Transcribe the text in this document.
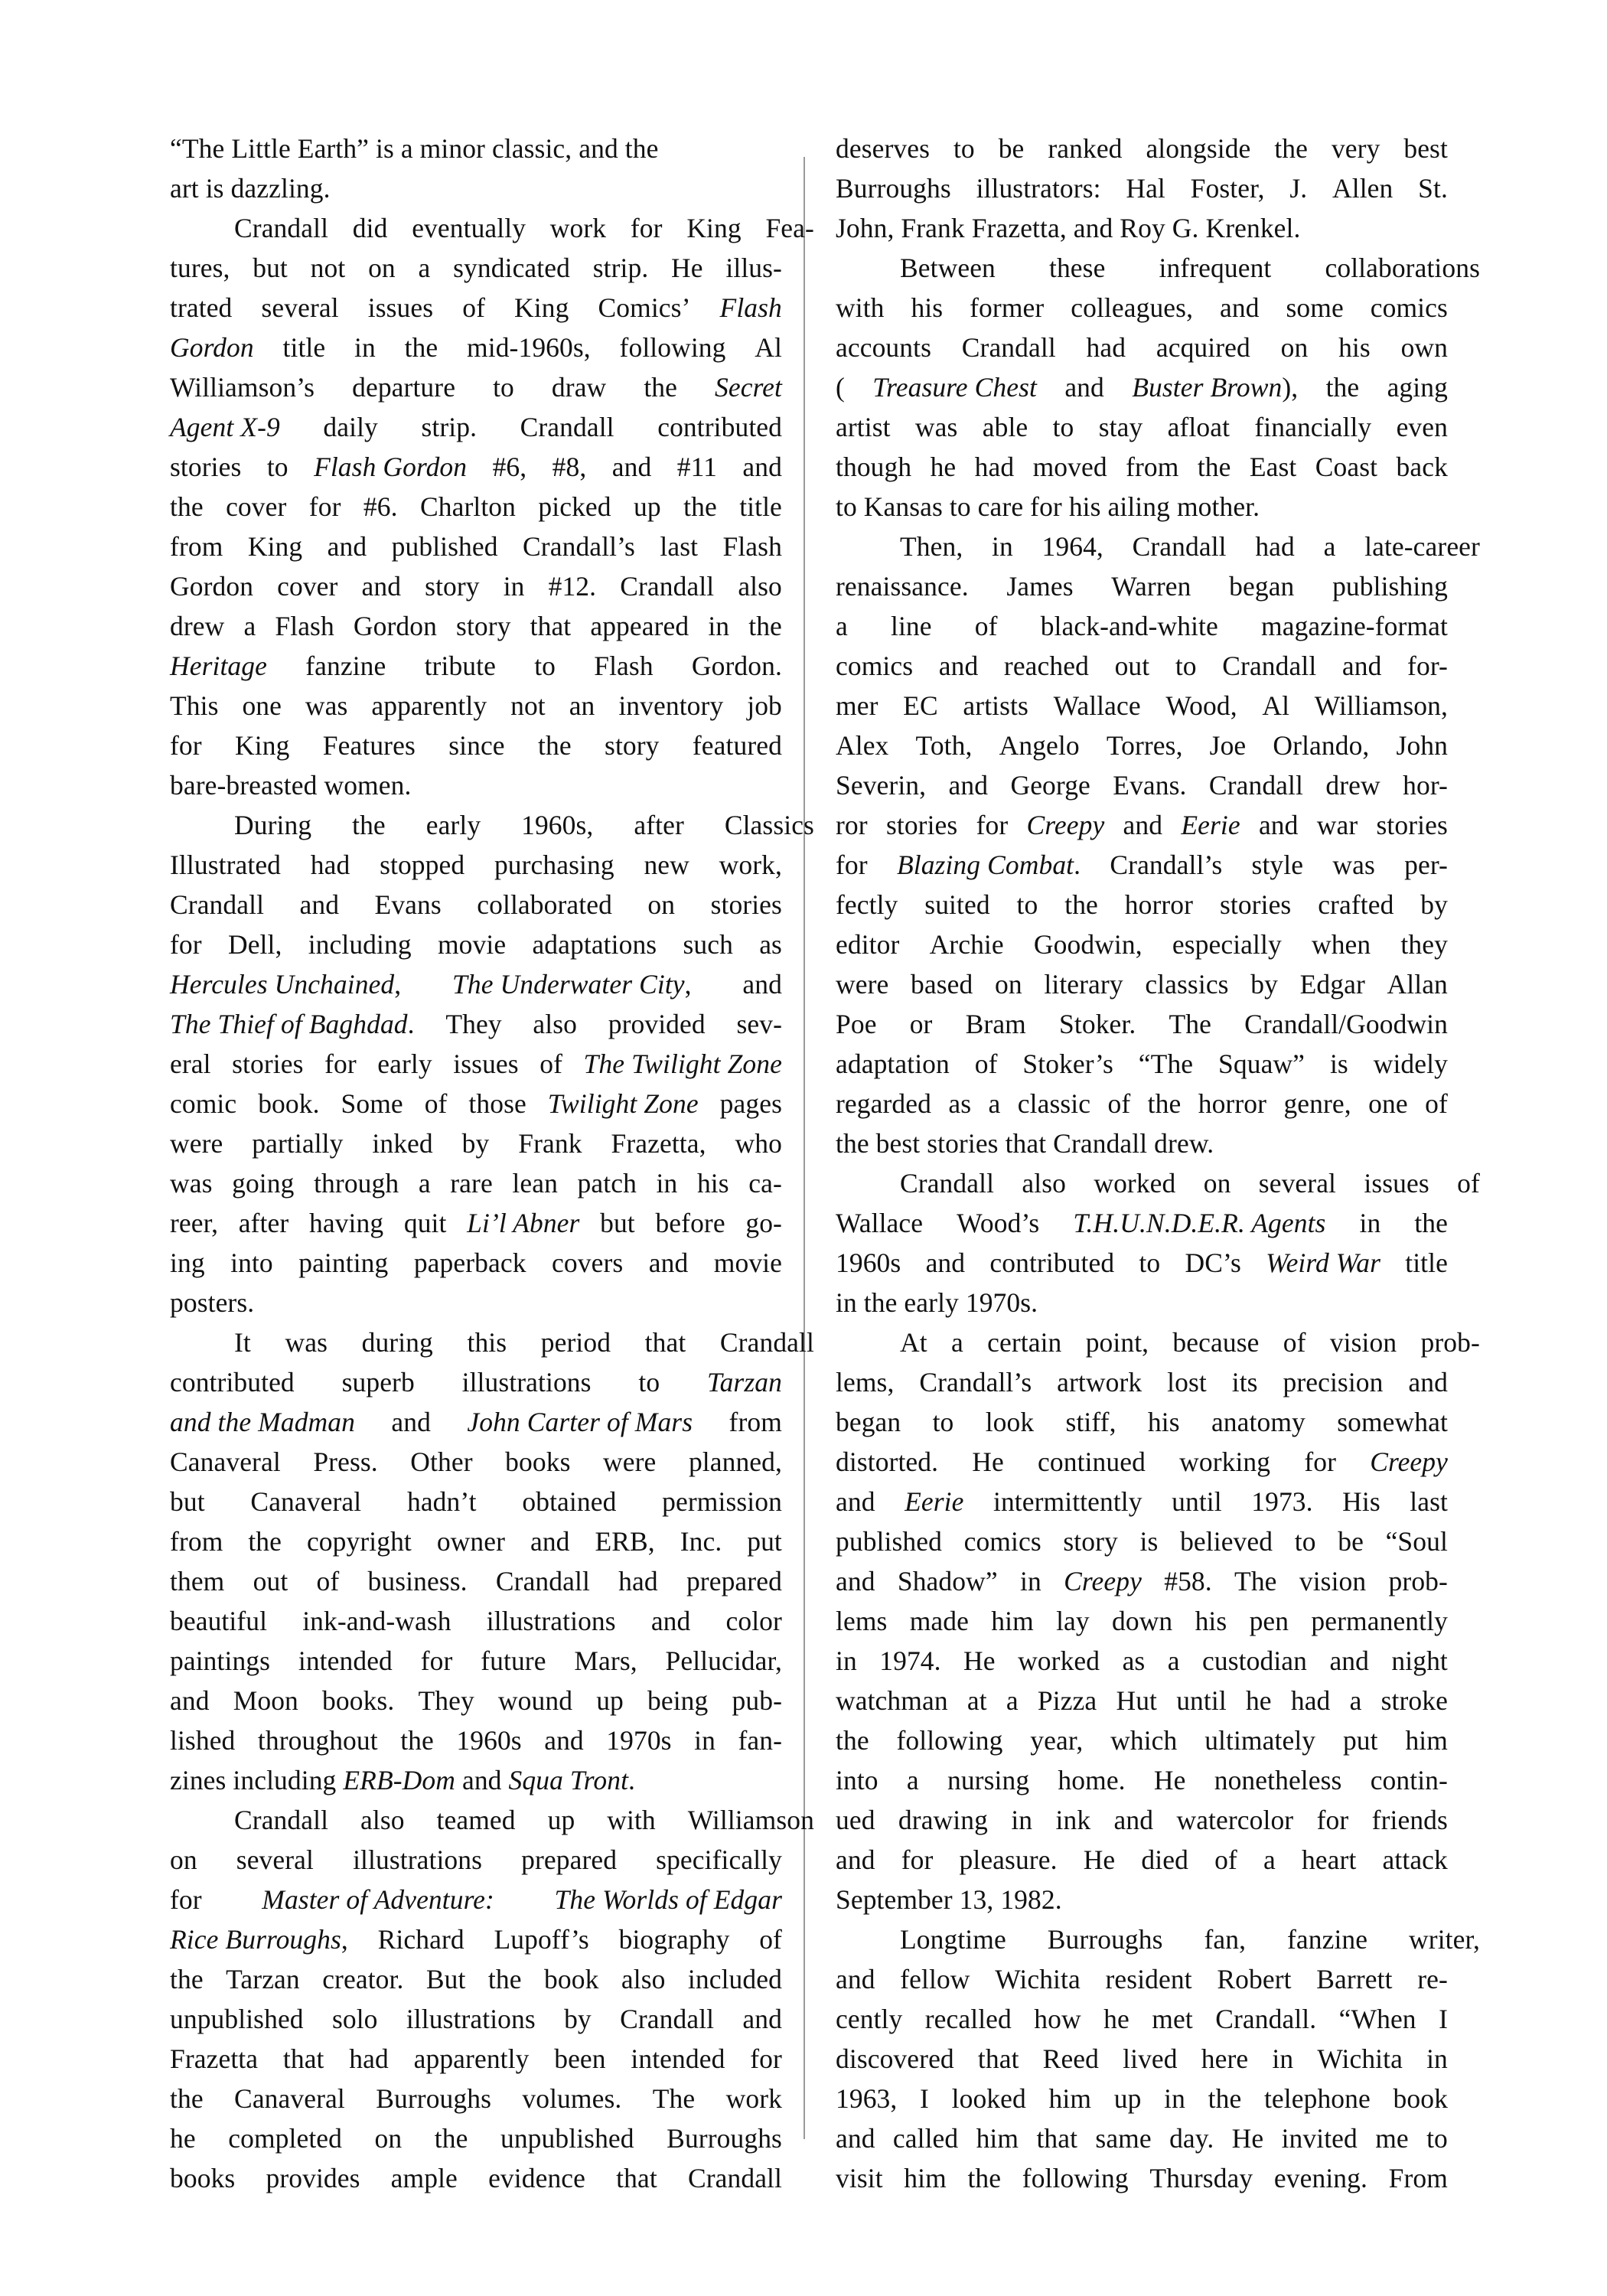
“The Little Earth” is a minor classic, and the
art is dazzling.
Crandall did eventually work for King Fea-
tures, but not on a syndicated strip. He illus-
trated several issues of King Comics’ Flash
Gordon title in the mid-1960s, following Al
Williamson’s departure to draw the Secret
Agent X-9 daily strip. Crandall contributed
stories to Flash Gordon #6, #8, and #11 and
the cover for #6. Charlton picked up the title
from King and published Crandall’s last Flash
Gordon cover and story in #12. Crandall also
drew a Flash Gordon story that appeared in the
Heritage fanzine tribute to Flash Gordon.
This one was apparently not an inventory job
for King Features since the story featured
bare-breasted women.
During the early 1960s, after Classics
Illustrated had stopped purchasing new work,
Crandall and Evans collaborated on stories
for Dell, including movie adaptations such as
Hercules Unchained, The Underwater City, and
The Thief of Baghdad. They also provided sev-
eral stories for early issues of The Twilight Zone
comic book. Some of those Twilight Zone pages
were partially inked by Frank Frazetta, who
was going through a rare lean patch in his ca-
reer, after having quit Li’l Abner but before go-
ing into painting paperback covers and movie
posters.
It was during this period that Crandall
contributed superb illustrations to Tarzan
and the Madman and John Carter of Mars from
Canaveral Press. Other books were planned,
but Canaveral hadn’t obtained permission
from the copyright owner and ERB, Inc. put
them out of business. Crandall had prepared
beautiful ink-and-wash illustrations and color
paintings intended for future Mars, Pellucidar,
and Moon books. They wound up being pub-
lished throughout the 1960s and 1970s in fan-
zines including ERB-Dom and Squa Tront.
Crandall also teamed up with Williamson
on several illustrations prepared specifically
for Master of Adventure: The Worlds of Edgar
Rice Burroughs, Richard Lupoff’s biography of
the Tarzan creator. But the book also included
unpublished solo illustrations by Crandall and
Frazetta that had apparently been intended for
the Canaveral Burroughs volumes. The work
he completed on the unpublished Burroughs
books provides ample evidence that Crandall
deserves to be ranked alongside the very best
Burroughs illustrators: Hal Foster, J. Allen St.
John, Frank Frazetta, and Roy G. Krenkel.
Between these infrequent collaborations
with his former colleagues, and some comics
accounts Crandall had acquired on his own
( Treasure Chest and Buster Brown), the aging
artist was able to stay afloat financially even
though he had moved from the East Coast back
to Kansas to care for his ailing mother.
Then, in 1964, Crandall had a late-career
renaissance. James Warren began publishing
a line of black-and-white magazine-format
comics and reached out to Crandall and for-
mer EC artists Wallace Wood, Al Williamson,
Alex Toth, Angelo Torres, Joe Orlando, John
Severin, and George Evans. Crandall drew hor-
ror stories for Creepy and Eerie and war stories
for Blazing Combat. Crandall’s style was per-
fectly suited to the horror stories crafted by
editor Archie Goodwin, especially when they
were based on literary classics by Edgar Allan
Poe or Bram Stoker. The Crandall/Goodwin
adaptation of Stoker’s “The Squaw” is widely
regarded as a classic of the horror genre, one of
the best stories that Crandall drew.
Crandall also worked on several issues of
Wallace Wood’s T.H.U.N.D.E.R. Agents in the
1960s and contributed to DC’s Weird War title
in the early 1970s.
At a certain point, because of vision prob-
lems, Crandall’s artwork lost its precision and
began to look stiff, his anatomy somewhat
distorted. He continued working for Creepy
and Eerie intermittently until 1973. His last
published comics story is believed to be “Soul
and Shadow” in Creepy #58. The vision prob-
lems made him lay down his pen permanently
in 1974. He worked as a custodian and night
watchman at a Pizza Hut until he had a stroke
the following year, which ultimately put him
into a nursing home. He nonetheless contin-
ued drawing in ink and watercolor for friends
and for pleasure. He died of a heart attack
September 13, 1982.
Longtime Burroughs fan, fanzine writer,
and fellow Wichita resident Robert Barrett re-
cently recalled how he met Crandall. “When I
discovered that Reed lived here in Wichita in
1963, I looked him up in the telephone book
and called him that same day. He invited me to
visit him the following Thursday evening. From
